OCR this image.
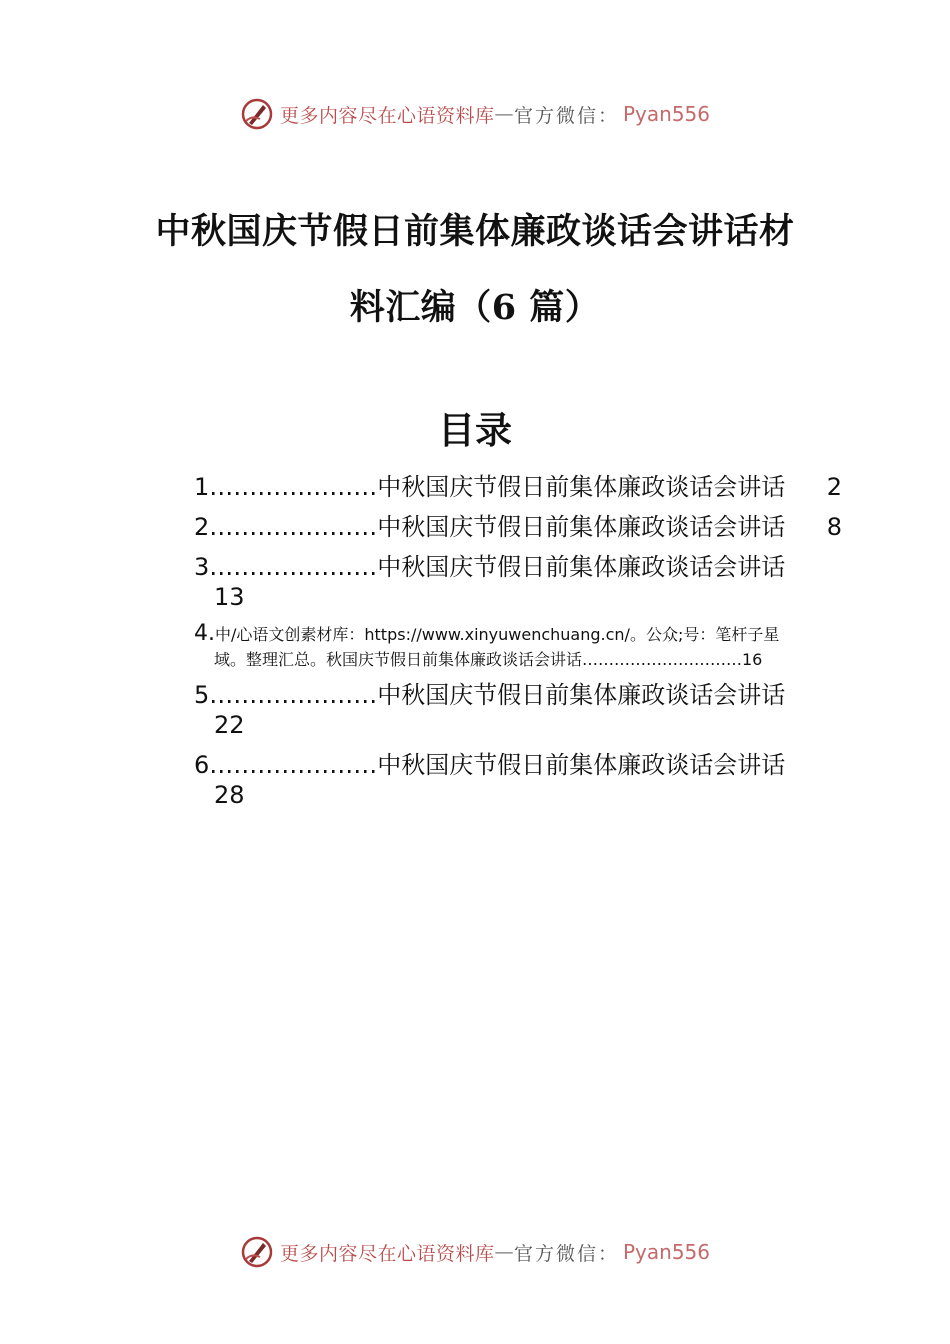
更多内容尽在心语资料库 — 官方微信： Pyan556
中秋国庆节假日前集体廉政谈话会讲话材
料汇编（6 篇）
目录
1…………………中秋国庆节假日前集体廉政谈话会讲话 2
2…………………中秋国庆节假日前集体廉政谈话会讲话 8
3…………………中秋国庆节假日前集体廉政谈话会讲话
13
4.中/心语文创素材库：https://www.xinyuwenchuang.cn/。公众;号：笔杆子星
域。整理汇总。秋国庆节假日前集体廉政谈话会讲话…………………………16
5…………………中秋国庆节假日前集体廉政谈话会讲话
22
6…………………中秋国庆节假日前集体廉政谈话会讲话
28
更多内容尽在心语资料库 — 官方微信： Pyan556
